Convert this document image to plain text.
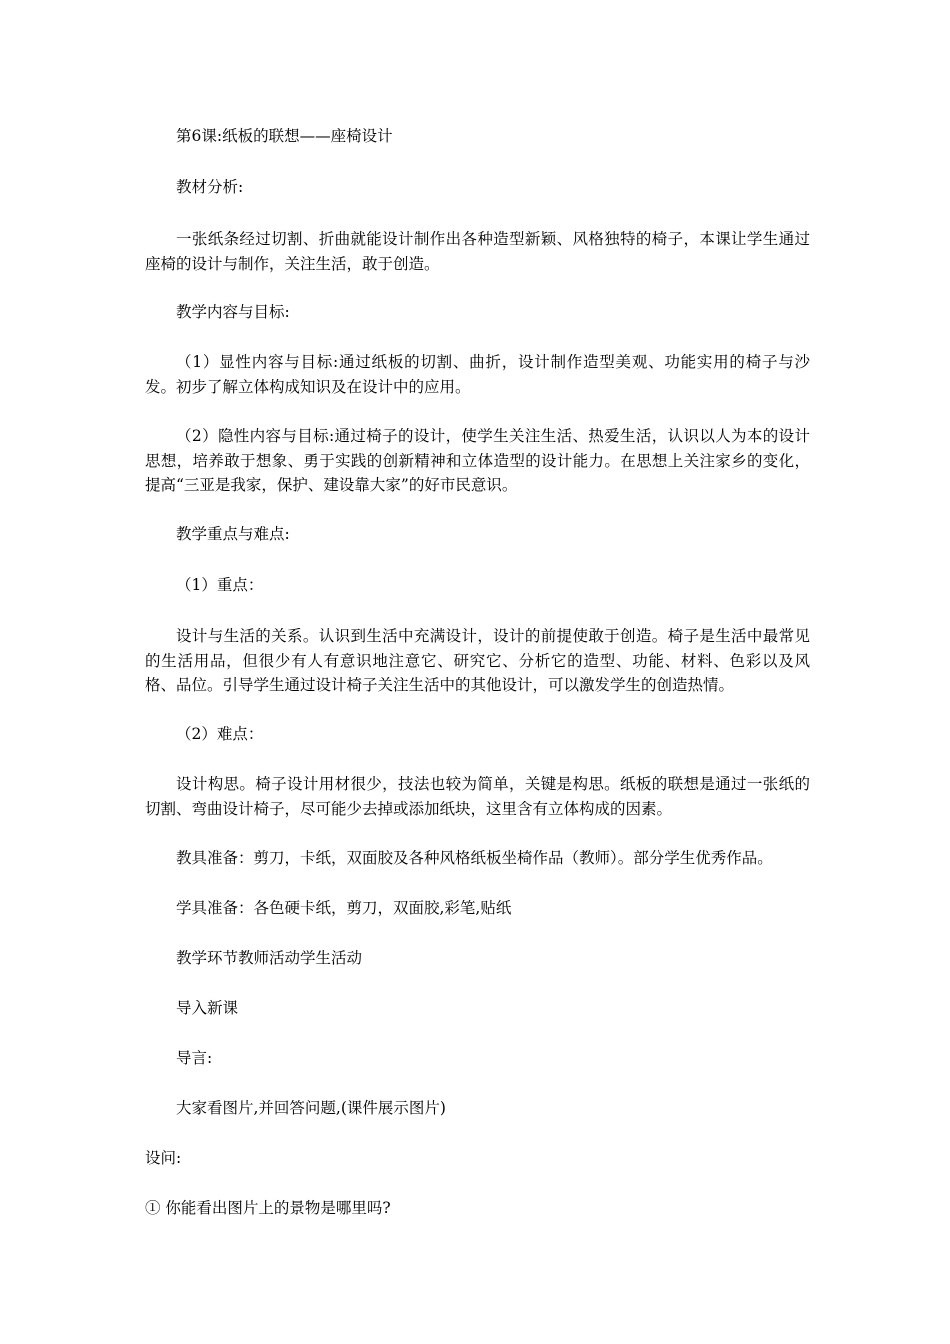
第6课:纸板的联想——座椅设计

教材分析:

一张纸条经过切割、折曲就能设计制作出各种造型新颖、风格独特的椅子，本课让学生通过座椅的设计与制作，关注生活，敢于创造。

教学内容与目标:

（1）显性内容与目标:通过纸板的切割、曲折，设计制作造型美观、功能实用的椅子与沙发。初步了解立体构成知识及在设计中的应用。

（2）隐性内容与目标:通过椅子的设计，使学生关注生活、热爱生活，认识以人为本的设计思想，培养敢于想象、勇于实践的创新精神和立体造型的设计能力。在思想上关注家乡的变化，提高“三亚是我家，保护、建设靠大家”的好市民意识。

教学重点与难点:

（1）重点：

设计与生活的关系。认识到生活中充满设计，设计的前提使敢于创造。椅子是生活中最常见的生活用品，但很少有人有意识地注意它、研究它、分析它的造型、功能、材料、色彩以及风格、品位。引导学生通过设计椅子关注生活中的其他设计，可以激发学生的创造热情。

（2）难点：

设计构思。椅子设计用材很少，技法也较为简单，关键是构思。纸板的联想是通过一张纸的切割、弯曲设计椅子，尽可能少去掉或添加纸块，这里含有立体构成的因素。

教具准备：剪刀，卡纸，双面胶及各种风格纸板坐椅作品（教师）。部分学生优秀作品。

学具准备：各色硬卡纸，剪刀，双面胶,彩笔,贴纸

教学环节教师活动学生活动

导入新课

导言:

大家看图片,并回答问题,(课件展示图片)

设问:

① 你能看出图片上的景物是哪里吗?
